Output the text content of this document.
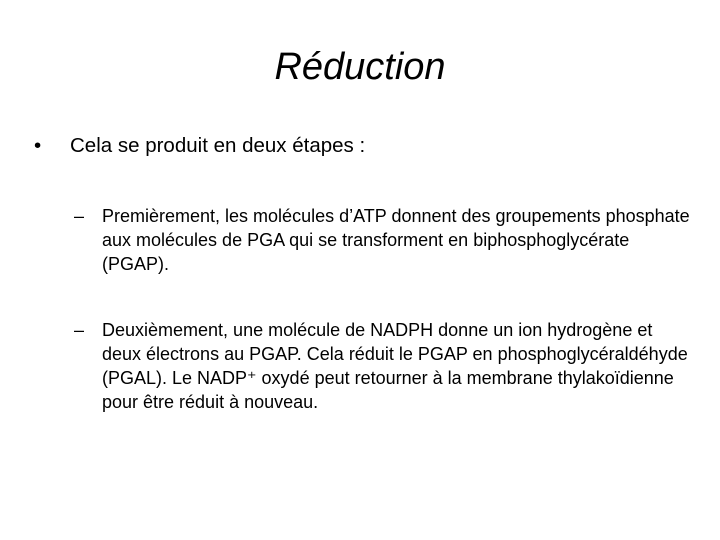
Réduction
• Cela se produit en deux étapes :
– Premièrement, les molécules d’ATP donnent des groupements phosphate aux molécules de PGA qui se transforment en biphosphoglycérate (PGAP).
– Deuxièmement, une molécule de NADPH donne un ion hydrogène et deux électrons au PGAP. Cela réduit le PGAP en phosphoglycéraldéhyde (PGAL). Le NADP⁺ oxydé peut retourner à la membrane thylakoïdienne pour être réduit à nouveau.
